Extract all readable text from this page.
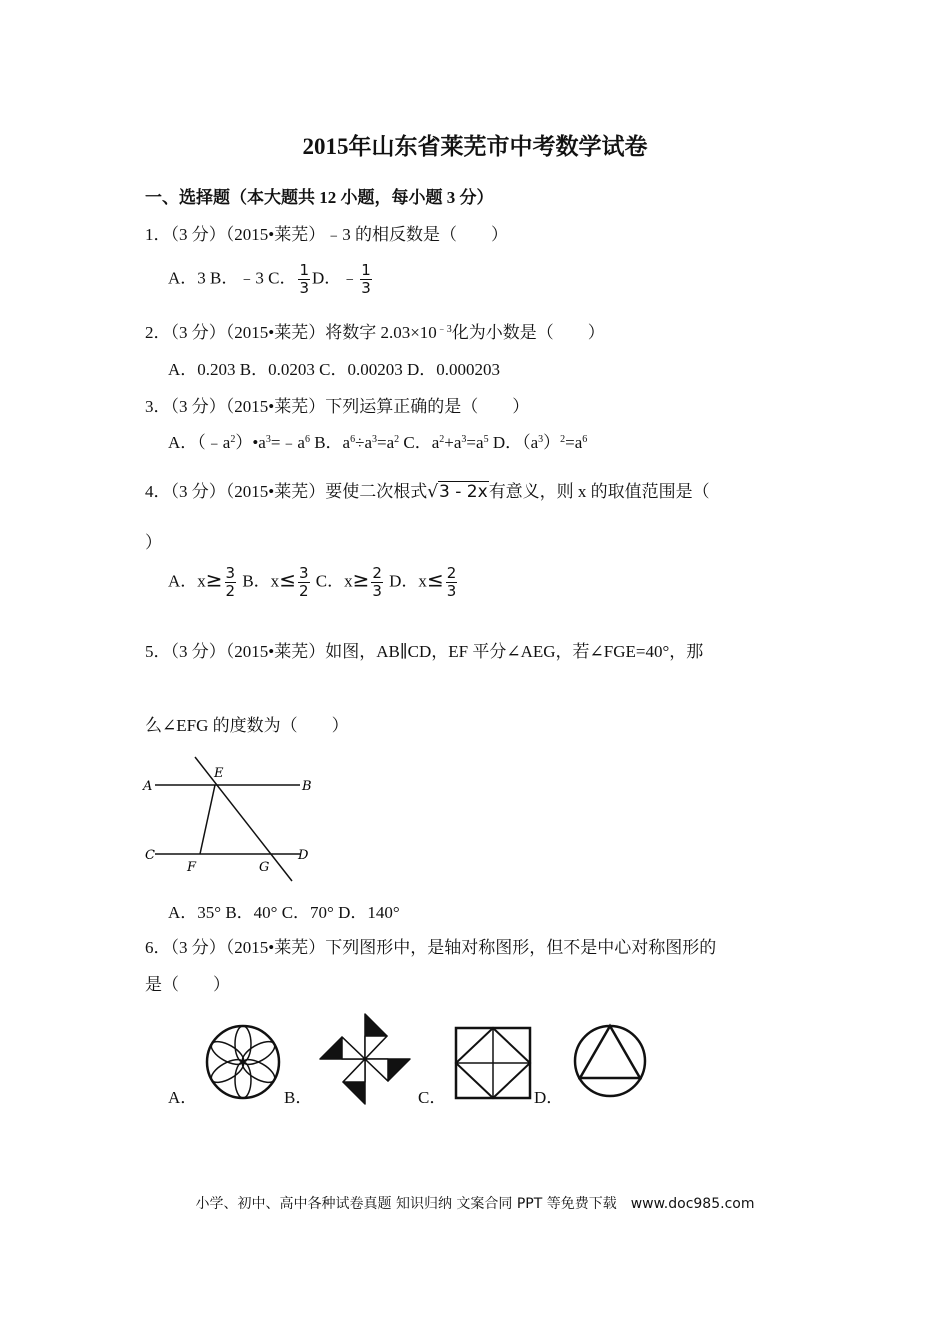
2015年山东省莱芜市中考数学试卷
一、选择题（本大题共 12 小题，每小题 3 分）
1．（3 分）（2015•莱芜）﹣3 的相反数是（　　）
A．3 B．﹣3 C． $\frac{1}{3}$ D．﹣ $\frac{1}{3}$
2．（3 分）（2015•莱芜）将数字 $2.03\times 10^{﹣3}$化为小数是（　　）
A．0.203 B．0.0203 C．0.00203 D．0.000203
3．（3 分）（2015•莱芜）下列运算正确的是（　　）
A．$(﹣a^2)•a^3=﹣a^6$ B．$a^6\div a^3=a^2$ C．$a^2+a^3=a^5$ D．$(a^3)^2=a^6$
4．（3 分）（2015•莱芜）要使二次根式√3 - 2x有意义，则 x 的取值范围是（
）
A．$x\ge \frac{3}{2}$ B．$x\le \frac{3}{2}$ C．$x\ge \frac{2}{3}$ D．$x\le \frac{2}{3}$
5．（3 分）（2015•莱芜）如图，AB∥CD，EF 平分∠AEG，若∠FGE=40°，那
么∠EFG 的度数为（　　）
A	B
C	D
E
F	G
A．35° B．40° C．70° D．140°
6．（3 分）（2015•莱芜）下列图形中，是轴对称图形，但不是中心对称图形的
是（　　）
A．	B．	C．	D．
小学、初中、高中各种试卷真题 知识归纳 文案合同 PPT 等免费下载　www.doc985.com
